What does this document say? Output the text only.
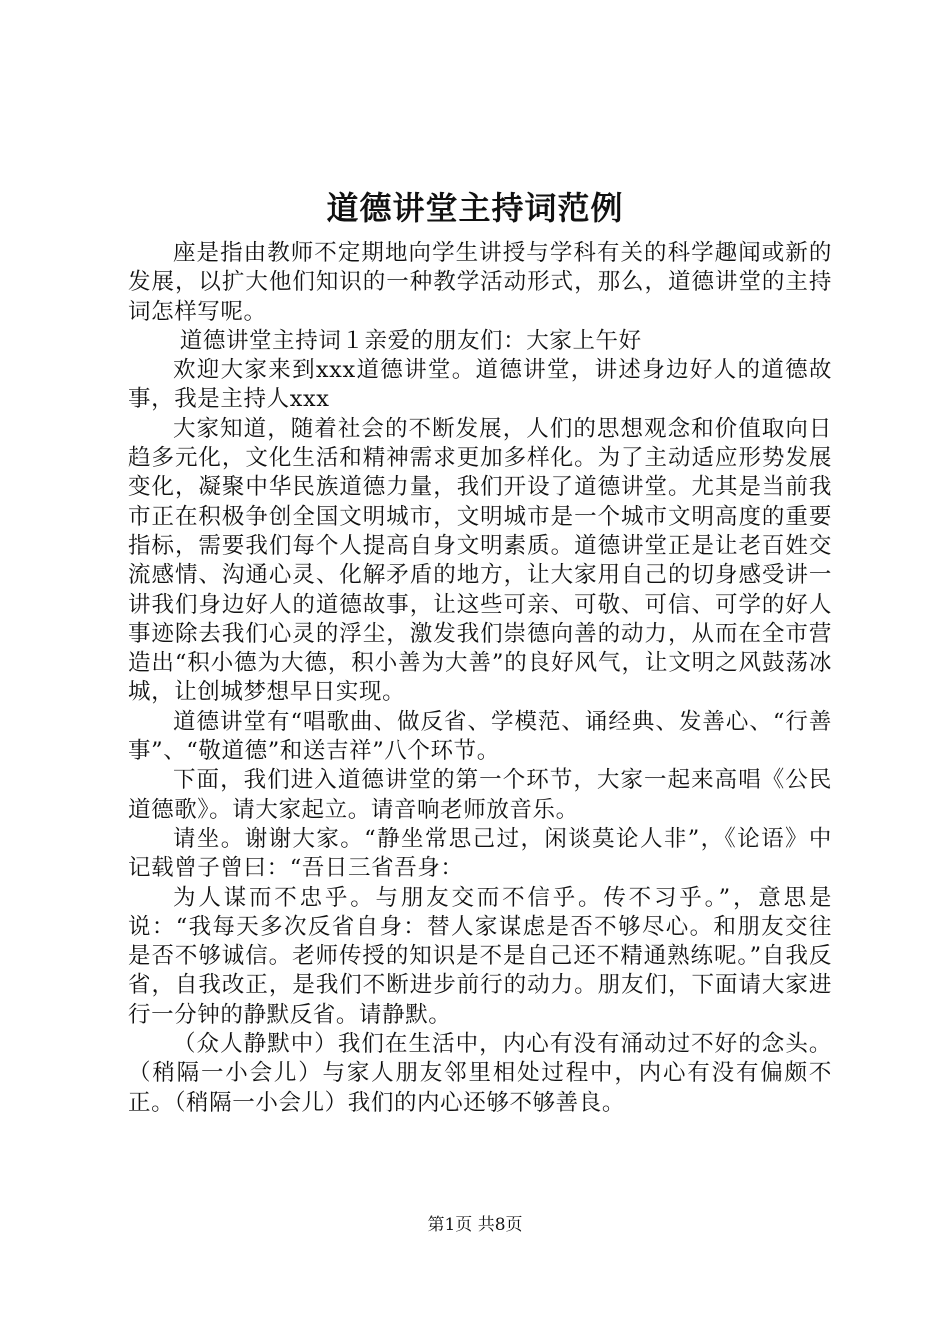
道德讲堂主持词范例

座是指由教师不定期地向学生讲授与学科有关的科学趣闻或新的发展，以扩大他们知识的一种教学活动形式，那么，道德讲堂的主持词怎样写呢。

道德讲堂主持词１亲爱的朋友们：大家上午好

欢迎大家来到xxx道德讲堂。道德讲堂，讲述身边好人的道德故事，我是主持人xxx

大家知道，随着社会的不断发展，人们的思想观念和价值取向日趋多元化，文化生活和精神需求更加多样化。为了主动适应形势发展变化，凝聚中华民族道德力量，我们开设了道德讲堂。尤其是当前我市正在积极争创全国文明城市，文明城市是一个城市文明高度的重要指标，需要我们每个人提高自身文明素质。道德讲堂正是让老百姓交流感情、沟通心灵、化解矛盾的地方，让大家用自己的切身感受讲一讲我们身边好人的道德故事，让这些可亲、可敬、可信、可学的好人事迹除去我们心灵的浮尘，激发我们崇德向善的动力，从而在全市营造出“积小德为大德，积小善为大善”的良好风气，让文明之风鼓荡冰城，让创城梦想早日实现。

道德讲堂有“唱歌曲、做反省、学模范、诵经典、发善心、“行善事”、“敬道德”和送吉祥”八个环节。

下面，我们进入道德讲堂的第一个环节，大家一起来高唱《公民道德歌》。请大家起立。请音响老师放音乐。

请坐。谢谢大家。“静坐常思己过，闲谈莫论人非”，《论语》中记载曾子曾曰：“吾日三省吾身：

为人谋而不忠乎。与朋友交而不信乎。传不习乎。”，意思是说：“我每天多次反省自身：替人家谋虑是否不够尽心。和朋友交往是否不够诚信。老师传授的知识是不是自己还不精通熟练呢。”自我反省，自我改正，是我们不断进步前行的动力。朋友们，下面请大家进行一分钟的静默反省。请静默。

（众人静默中）我们在生活中，内心有没有涌动过不好的念头。（稍隔一小会儿）与家人朋友邻里相处过程中，内心有没有偏颇不正。（稍隔一小会儿）我们的内心还够不够善良。

第1页 共8页
